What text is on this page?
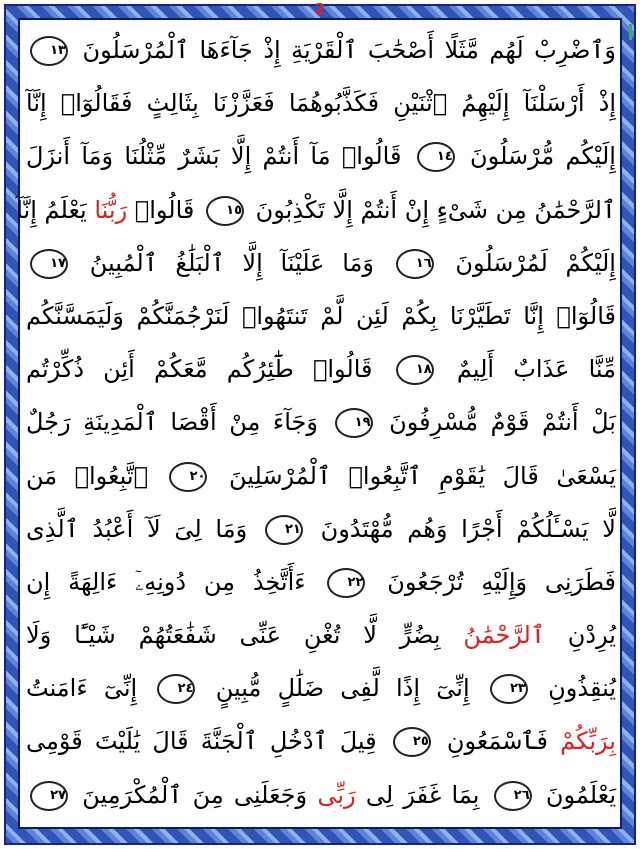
2
وَٱضْرِبْ لَهُم مَّثَلًا أَصْحَٰبَ ٱلْقَرْيَةِ إِذْ جَآءَهَا ٱلْمُرْسَلُونَ ١٣
إِذْ أَرْسَلْنَآ إِلَيْهِمُ ٱثْنَيْنِ فَكَذَّبُوهُمَا فَعَزَّزْنَا بِثَالِثٍ فَقَالُوٓا۟ إِنَّآ
إِلَيْكُم مُّرْسَلُونَ ١٤ قَالُوا۟ مَآ أَنتُمْ إِلَّا بَشَرٌ مِّثْلُنَا وَمَآ أَنزَلَ
ٱلرَّحْمَٰنُ مِن شَىْءٍ إِنْ أَنتُمْ إِلَّا تَكْذِبُونَ ١٥ قَالُوا۟ رَبُّنَا يَعْلَمُ إِنَّآ
إِلَيْكُمْ لَمُرْسَلُونَ ١٦ وَمَا عَلَيْنَآ إِلَّا ٱلْبَلَٰغُ ٱلْمُبِينُ ١٧
قَالُوٓا۟ إِنَّا تَطَيَّرْنَا بِكُمْ لَئِن لَّمْ تَنتَهُوا۟ لَنَرْجُمَنَّكُمْ وَلَيَمَسَّنَّكُم
مِّنَّا عَذَابٌ أَلِيمٌ ١٨ قَالُوا۟ طَٰٓئِرُكُم مَّعَكُمْ أَئِن ذُكِّرْتُم
بَلْ أَنتُمْ قَوْمٌ مُّسْرِفُونَ ١٩ وَجَآءَ مِنْ أَقْصَا ٱلْمَدِينَةِ رَجُلٌ
يَسْعَىٰ قَالَ يَٰقَوْمِ ٱتَّبِعُوا۟ ٱلْمُرْسَلِينَ ٢٠ ٱتَّبِعُوا۟ مَن
لَّا يَسْـَٔلُكُمْ أَجْرًا وَهُم مُّهْتَدُونَ ٢١ وَمَا لِىَ لَآ أَعْبُدُ ٱلَّذِى
فَطَرَنِى وَإِلَيْهِ تُرْجَعُونَ ٢٢ ءَأَتَّخِذُ مِن دُونِهِۦٓ ءَالِهَةً إِن
يُرِدْنِ ٱلرَّحْمَٰنُ بِضُرٍّ لَّا تُغْنِ عَنِّى شَفَٰعَتُهُمْ شَيْـًٔا وَلَا
يُنقِذُونِ ٢٣ إِنِّىٓ إِذًا لَّفِى ضَلَٰلٍ مُّبِينٍ ٢٤ إِنِّىٓ ءَامَنتُ
بِرَبِّكُمْ فَٱسْمَعُونِ ٢٥ قِيلَ ٱدْخُلِ ٱلْجَنَّةَ قَالَ يَٰلَيْتَ قَوْمِى
يَعْلَمُونَ ٢٦ بِمَا غَفَرَ لِى رَبِّى وَجَعَلَنِى مِنَ ٱلْمُكْرَمِينَ ٢٧
